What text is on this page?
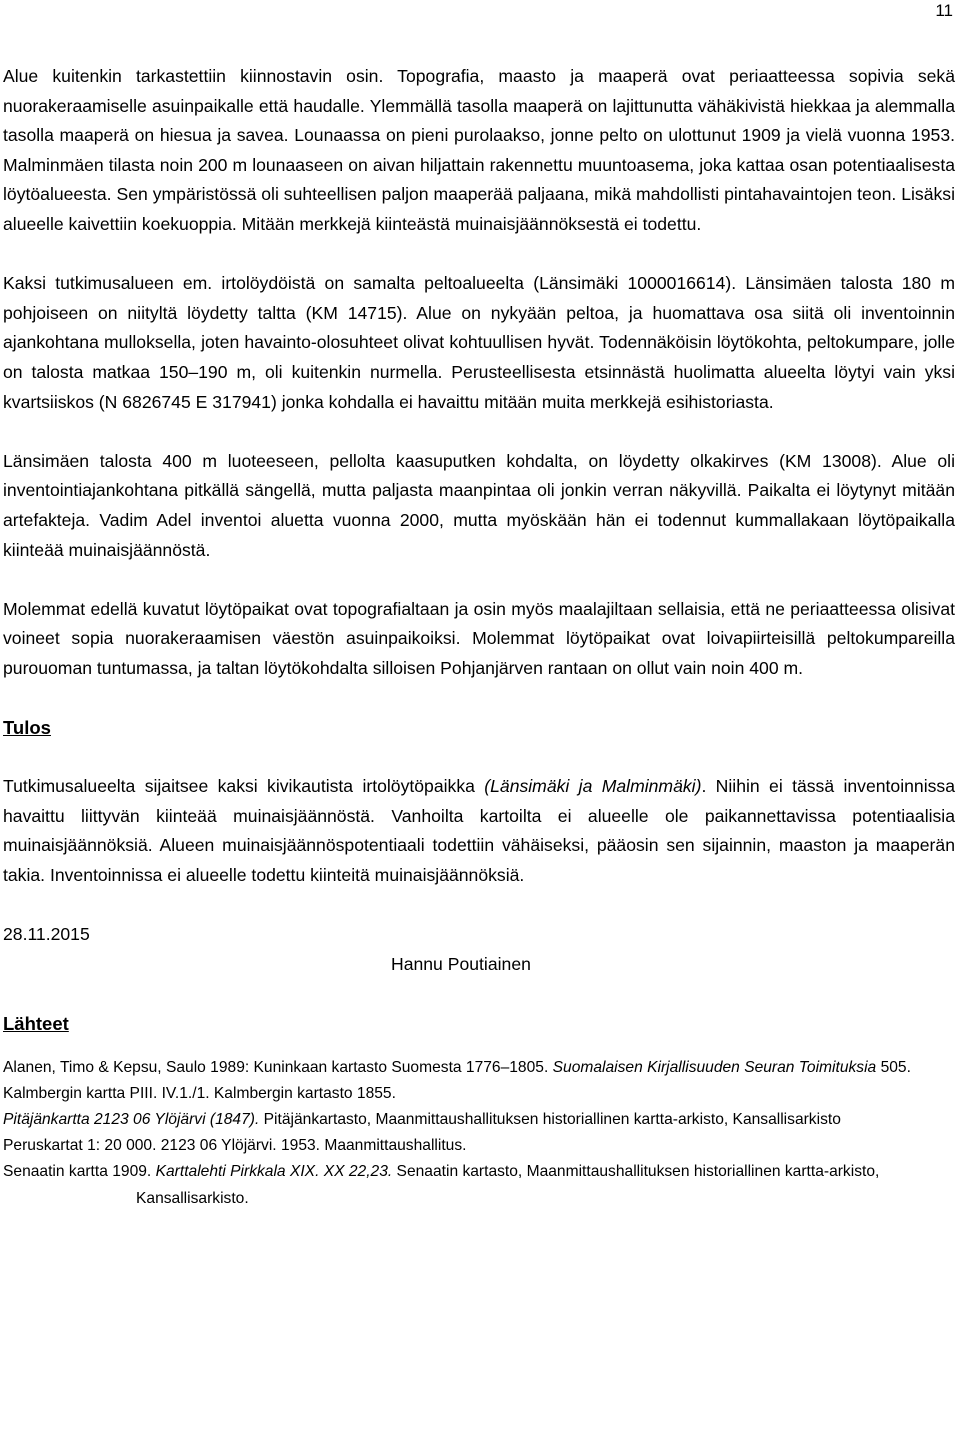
11

Alue kuitenkin tarkastettiin kiinnostavin osin. Topografia, maasto ja maaperä ovat periaatteessa sopivia sekä nuorakeraamiselle asuinpaikalle että haudalle. Ylemmällä tasolla maaperä on lajittunutta vähäkivistä hiekkaa ja alemmalla tasolla maaperä on hiesua ja savea. Lounaassa on pieni purolaakso, jonne pelto on ulottunut 1909 ja vielä vuonna 1953. Malminmäen tilasta noin 200 m lounaaseen on aivan hiljattain rakennettu muuntoasema, joka kattaa osan potentiaalisesta löytöalueesta. Sen ympäristössä oli suhteellisen paljon maaperää paljaana, mikä mahdollisti pintahavaintojen teon. Lisäksi alueelle kaivettiin koekuoppia. Mitään merkkejä kiinteästä muinaisjäännöksestä ei todettu.

Kaksi tutkimusalueen em. irtolöydöistä on samalta peltoalueelta (Länsimäki 1000016614). Länsimäen talosta 180 m pohjoiseen on niityltä löydetty taltta (KM 14715). Alue on nykyään peltoa, ja huomattava osa siitä oli inventoinnin ajankohtana mulloksella, joten havainto-olosuhteet olivat kohtuullisen hyvät. Todennäköisin löytökohta, peltokumpare, jolle on talosta matkaa 150–190 m, oli kuitenkin nurmella. Perusteellisesta etsinnästä huolimatta alueelta löytyi vain yksi kvartsiiskos (N 6826745 E 317941) jonka kohdalla ei havaittu mitään muita merkkejä esihistoriasta.

Länsimäen talosta 400 m luoteeseen, pellolta kaasuputken kohdalta, on löydetty olkakirves (KM 13008). Alue oli inventointiajankohtana pitkällä sängellä, mutta paljasta maanpintaa oli jonkin verran näkyvillä. Paikalta ei löytynyt mitään artefakteja. Vadim Adel inventoi aluetta vuonna 2000, mutta myöskään hän ei todennut kummallakaan löytöpaikalla kiinteää muinaisjäännöstä.

Molemmat edellä kuvatut löytöpaikat ovat topografialtaan ja osin myös maalajiltaan sellaisia, että ne periaatteessa olisivat voineet sopia nuorakeraamisen väestön asuinpaikoiksi. Molemmat löytöpaikat ovat loivapiirteisillä peltokumpareilla purouoman tuntumassa, ja taltan löytökohdalta silloisen Pohjanjärven rantaan on ollut vain noin 400 m.

Tulos

Tutkimusalueelta sijaitsee kaksi kivikautista irtolöytöpaikka (Länsimäki ja Malminmäki). Niihin ei tässä inventoinnissa havaittu liittyvän kiinteää muinaisjäännöstä. Vanhoilta kartoilta ei alueelle ole paikannettavissa potentiaalisia muinaisjäännöksiä. Alueen muinaisjäännöspotentiaali todettiin vähäiseksi, pääosin sen sijainnin, maaston ja maaperän takia. Inventoinnissa ei alueelle todettu kiinteitä muinaisjäännöksiä.

28.11.2015

Hannu Poutiainen

Lähteet

Alanen, Timo & Kepsu, Saulo 1989: Kuninkaan kartasto Suomesta 1776–1805. Suomalaisen Kirjallisuuden Seuran Toimituksia 505.

Kalmbergin kartta PIII. IV.1./1. Kalmbergin kartasto 1855.

Pitäjänkartta 2123 06 Ylöjärvi (1847). Pitäjänkartasto, Maanmittaushallituksen historiallinen kartta-arkisto, Kansallisarkisto

Peruskartat 1: 20 000. 2123 06 Ylöjärvi. 1953. Maanmittaushallitus.

Senaatin kartta 1909. Karttalehti Pirkkala XIX. XX 22,23. Senaatin kartasto, Maanmittaushallituksen historiallinen kartta-arkisto, Kansallisarkisto.
